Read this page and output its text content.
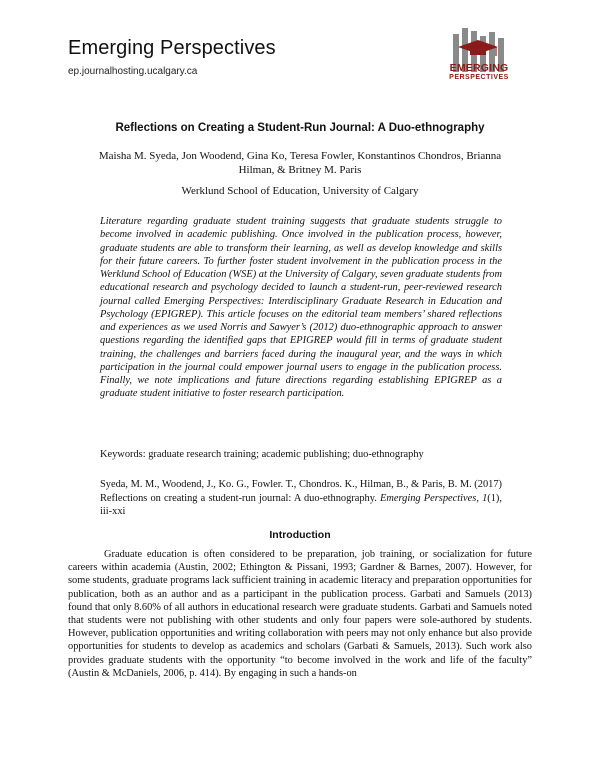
Emerging Perspectives
ep.journalhosting.ucalgary.ca	EMERGING
PERSPECTIVES
Reflections on Creating a Student-Run Journal: A Duo-ethnography
Maisha M. Syeda, Jon Woodend, Gina Ko, Teresa Fowler, Konstantinos Chondros, Brianna Hilman, & Britney M. Paris
Werklund School of Education, University of Calgary
Literature regarding graduate student training suggests that graduate students struggle to become involved in academic publishing. Once involved in the publication process, however, graduate students are able to transform their learning, as well as develop knowledge and skills for their future careers. To further foster student involvement in the publication process in the Werklund School of Education (WSE) at the University of Calgary, seven graduate students from educational research and psychology decided to launch a student-run, peer-reviewed research journal called Emerging Perspectives: Interdisciplinary Graduate Research in Education and Psychology (EPIGREP). This article focuses on the editorial team members’ shared reflections and experiences as we used Norris and Sawyer’s (2012) duo-ethnographic approach to answer questions regarding the identified gaps that EPIGREP would fill in terms of graduate student training, the challenges and barriers faced during the inaugural year, and the ways in which participation in the journal could empower journal users to engage in the publication process. Finally, we note implications and future directions regarding establishing EPIGREP as a graduate student initiative to foster research participation.
Keywords: graduate research training; academic publishing; duo-ethnography
Syeda, M. M., Woodend, J., Ko. G., Fowler. T., Chondros. K., Hilman, B., & Paris, B. M. (2017) Reflections on creating a student-run journal: A duo-ethnography. Emerging Perspectives, 1(1), iii-xxi
Introduction
Graduate education is often considered to be preparation, job training, or socialization for future careers within academia (Austin, 2002; Ethington & Pissani, 1993; Gardner & Barnes, 2007). However, for some students, graduate programs lack sufficient training in academic literacy and preparation opportunities for publication, both as an author and as a participant in the publication process. Garbati and Samuels (2013) found that only 8.60% of all authors in educational research were graduate students. Garbati and Samuels noted that students were not publishing with other students and only four papers were sole-authored by students. However, publication opportunities and writing collaboration with peers may not only enhance but also provide opportunities for students to develop as academics and scholars (Garbati & Samuels, 2013). Such work also provides graduate students with the opportunity “to become involved in the work and life of the faculty” (Austin & McDaniels, 2006, p. 414). By engaging in such a hands-on
